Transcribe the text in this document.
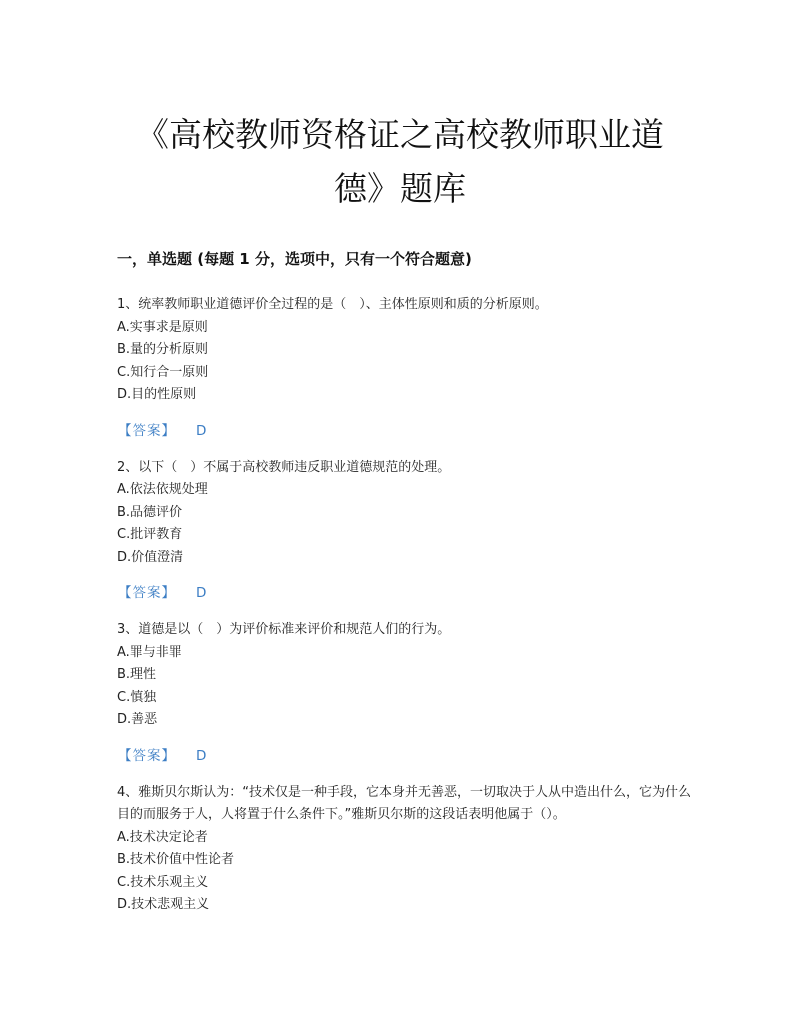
《高校教师资格证之高校教师职业道
德》题库
一，单选题 (每题 1 分，选项中，只有一个符合题意)

1、统率教师职业道德评价全过程的是（　）、主体性原则和质的分析原则。

A.实事求是原则

B.量的分析原则

C.知行合一原则

D.目的性原则

【答案】 D

2、以下（　）不属于高校教师违反职业道德规范的处理。

A.依法依规处理

B.品德评价

C.批评教育

D.价值澄清

【答案】 D

3、道德是以（　）为评价标准来评价和规范人们的行为。

A.罪与非罪

B.理性

C.慎独

D.善恶

【答案】 D

4、雅斯贝尔斯认为：“技术仅是一种手段，它本身并无善恶，一切取决于人从中造出什么，它为什么目的而服务于人，人将置于什么条件下。”雅斯贝尔斯的这段话表明他属于（）。

A.技术决定论者

B.技术价值中性论者

C.技术乐观主义

D.技术悲观主义
